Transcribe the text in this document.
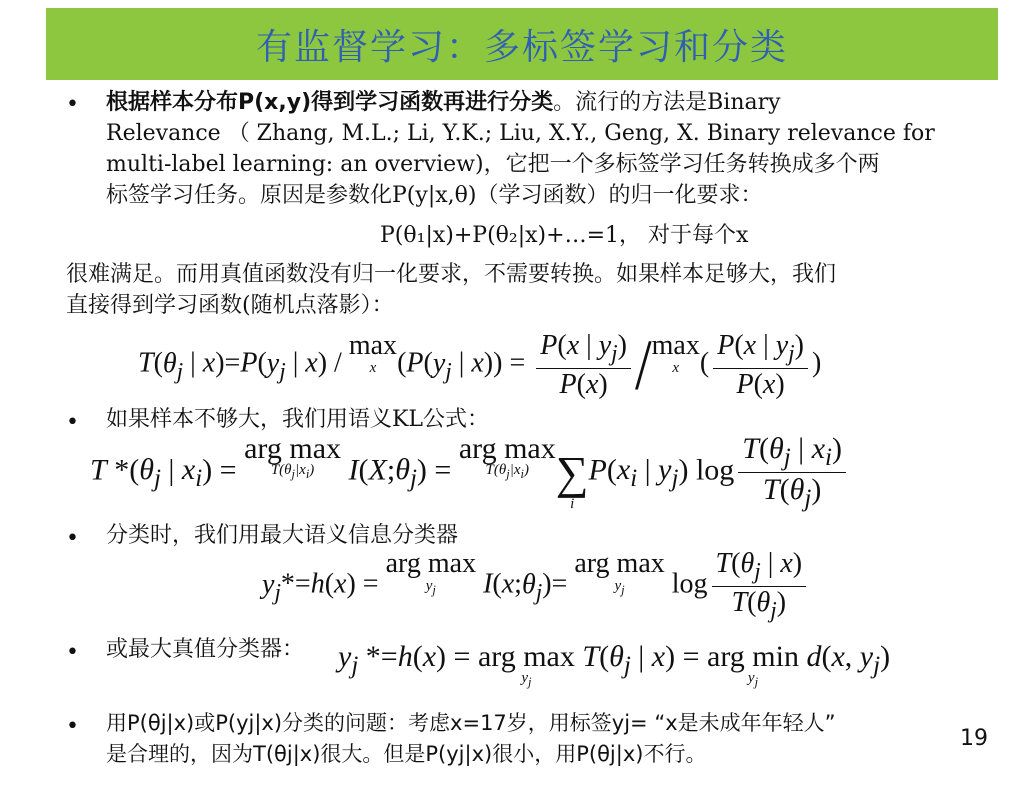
有监督学习：多标签学习和分类
• 根据样本分布P(x,y)得到学习函数再进行分类。流行的方法是Binary
Relevance （ Zhang, M.L.; Li, Y.K.; Liu, X.Y., Geng, X. Binary relevance for
multi-label learning: an overview)，它把一个多标签学习任务转换成多个两
标签学习任务。原因是参数化P(y|x,θ)（学习函数）的归一化要求：
P(θ₁|x)+P(θ₂|x)+…=1， 对于每个x
很难满足。而用真值函数没有归一化要求，不需要转换。如果样本足够大，我们
直接得到学习函数(随机点落影）：
$T(\theta_j$ | $x)=P(y_j$ | x) / max
x ($P(y_j$ | $x)) = \frac{P(x | y_j)}{P(x)} /\max$
x ( $\frac{P(x | y_j)}{P(x)}$ )
• 如果样本不够大，我们用语义KL公式：
T $*(\theta_j$ | $x_i$) = arg max
$T(\theta_j|x_i)$	$I(X;\theta_j)$ = arg max
$T(\theta_j|x_i)$ ∑
i
$P(x_i$ | $y_j$) $\log \frac{T(\theta_j | x_i)}{T(\theta_j)}$
• 分类时，我们用最大语义信息分类器
$y_j*=h(x)$ = arg max
$y_j$	$I(x;\theta_j)=$ arg max
$y_j$	$\log \frac{T(\theta_j | x)}{T(\theta_j)}$
• 或最大真值分类器： $y_j$ *=h(x) = arg max
$y_j$
$T(\theta_j$ | x) = arg min
$y_j$
d(x, $y_j$)
• 用P(θj|x)或P(yj|x)分类的问题：考虑x=17岁，用标签yj= “x是未成年年轻人”
是合理的，因为T(θj|x)很大。但是P(yj|x)很小，用P(θj|x)不行。
19
